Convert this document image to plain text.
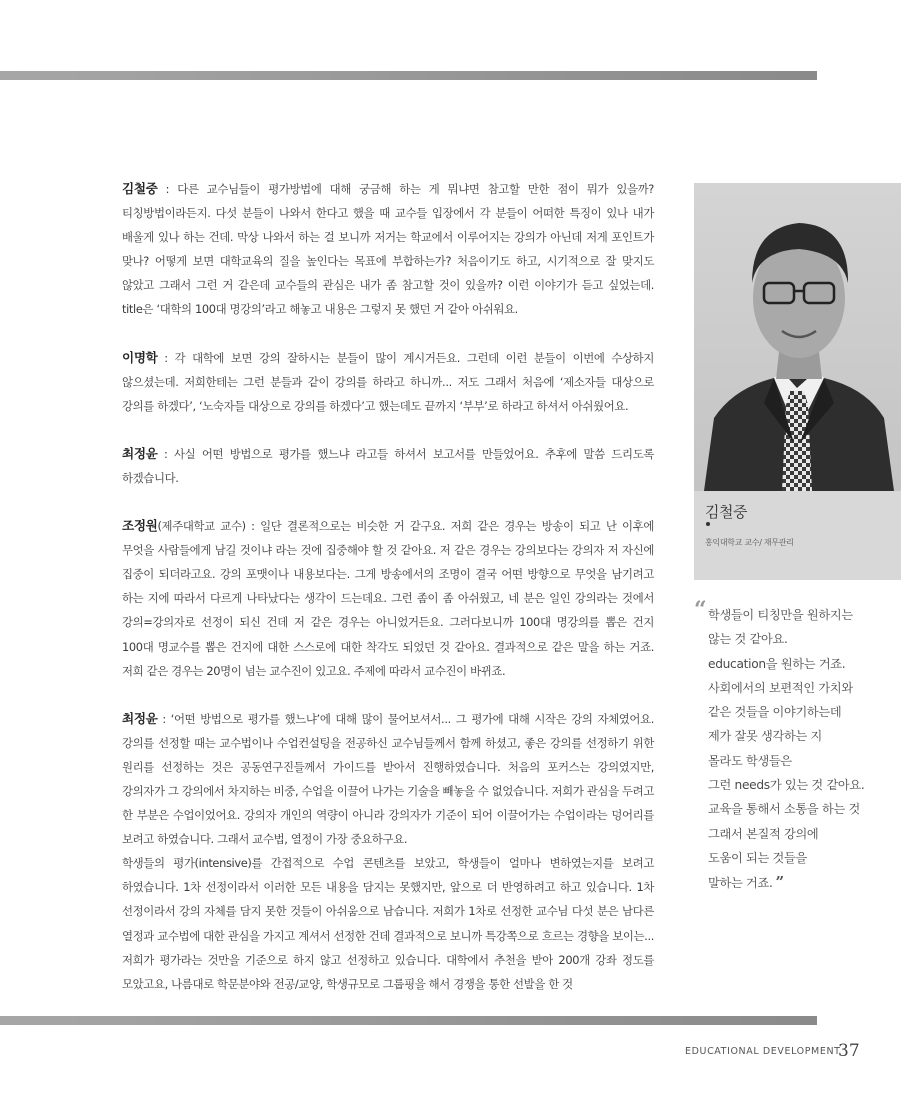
김철중 : 다른 교수님들이 평가방법에 대해 궁금해 하는 게 뭐냐면 참고할 만한 점이 뭐가 있을까? 티칭방법이라든지. 다섯 분들이 나와서 한다고 했을 때 교수들 입장에서 각 분들이 어떠한 특징이 있나 내가 배울게 있나 하는 건데. 막상 나와서 하는 걸 보니까 저거는 학교에서 이루어지는 강의가 아닌데 저게 포인트가 맞나? 어떻게 보면 대학교육의 질을 높인다는 목표에 부합하는가? 처음이기도 하고, 시기적으로 잘 맞지도 않았고 그래서 그런 거 같은데 교수들의 관심은 내가 좀 참고할 것이 있을까? 이런 이야기가 듣고 싶었는데. title은 ‘대학의 100대 명강의’라고 해놓고 내용은 그렇지 못 했던 거 같아 아쉬워요.

이명학 : 각 대학에 보면 강의 잘하시는 분들이 많이 계시거든요. 그런데 이런 분들이 이번에 수상하지 않으셨는데. 저희한테는 그런 분들과 같이 강의를 하라고 하니까... 저도 그래서 처음에 ‘제소자들 대상으로 강의를 하겠다’, ‘노숙자들 대상으로 강의를 하겠다’고 했는데도 끝까지 ‘부부’로 하라고 하셔서 아쉬웠어요.

최정윤 : 사실 어떤 방법으로 평가를 했느냐 라고들 하셔서 보고서를 만들었어요. 추후에 말씀 드리도록 하겠습니다.

조정원(제주대학교 교수) : 일단 결론적으로는 비슷한 거 같구요. 저희 같은 경우는 방송이 되고 난 이후에 무엇을 사람들에게 남길 것이냐 라는 것에 집중해야 할 것 같아요. 저 같은 경우는 강의보다는 강의자 저 자신에 집중이 되더라고요. 강의 포맷이나 내용보다는. 그게 방송에서의 조명이 결국 어떤 방향으로 무엇을 남기려고 하는 지에 따라서 다르게 나타났다는 생각이 드는데요. 그런 좀이 좀 아쉬웠고, 네 분은 일인 강의라는 것에서 강의=강의자로 선정이 되신 건데 저 같은 경우는 아니었거든요. 그러다보니까 100대 명강의를 뽑은 건지 100대 명교수를 뽑은 건지에 대한 스스로에 대한 착각도 되었던 것 같아요. 결과적으로 같은 말을 하는 거죠. 저희 같은 경우는 20명이 넘는 교수진이 있고요. 주제에 따라서 교수진이 바뀌죠.

최정윤 : ‘어떤 방법으로 평가를 했느냐’에 대해 많이 물어보셔서... 그 평가에 대해 시작은 강의 자체였어요. 강의를 선정할 때는 교수법이나 수업컨설팅을 전공하신 교수님들께서 함께 하셨고, 좋은 강의를 선정하기 위한 원리를 선정하는 것은 공동연구진들께서 가이드를 받아서 진행하였습니다. 처음의 포커스는 강의였지만, 강의자가 그 강의에서 차지하는 비중, 수업을 이끌어 나가는 기술을 빼놓을 수 없었습니다. 저희가 관심을 두려고 한 부분은 수업이었어요. 강의자 개인의 역량이 아니라 강의자가 기준이 되어 이끌어가는 수업이라는 덩어리를 보려고 하였습니다. 그래서 교수법, 열정이 가장 중요하구요.
학생들의 평가(intensive)를 간접적으로 수업 콘텐츠를 보았고, 학생들이 얼마나 변하였는지를 보려고 하였습니다. 1차 선정이라서 이러한 모든 내용을 담지는 못했지만, 앞으로 더 반영하려고 하고 있습니다. 1차 선정이라서 강의 자체를 담지 못한 것들이 아쉬움으로 남습니다. 저희가 1차로 선정한 교수님 다섯 분은 남다른 열정과 교수법에 대한 관심을 가지고 계셔서 선정한 건데 결과적으로 보니까 특강쪽으로 흐르는 경향을 보이는... 저희가 평가라는 것만을 기준으로 하지 않고 선정하고 있습니다. 대학에서 추천을 받아 200개 강좌 정도를 모았고요, 나름대로 학문분야와 전공/교양, 학생규모로 그룹핑을 해서 경쟁을 통한 선발을 한 것

김철중
홍익대학교 교수/ 재무관리
“ 학생들이 티칭만을 원하지는
않는 것 같아요.
education을 원하는 거죠.
사회에서의 보편적인 가치와
같은 것들을 이야기하는데
제가 잘못 생각하는 지
몰라도 학생들은
그런 needs가 있는 것 같아요.
교육을 통해서 소통을 하는 것
그래서 본질적 강의에
도움이 되는 것들을
말하는 거죠. ”
EDUCATIONAL DEVELOPMENT
37
